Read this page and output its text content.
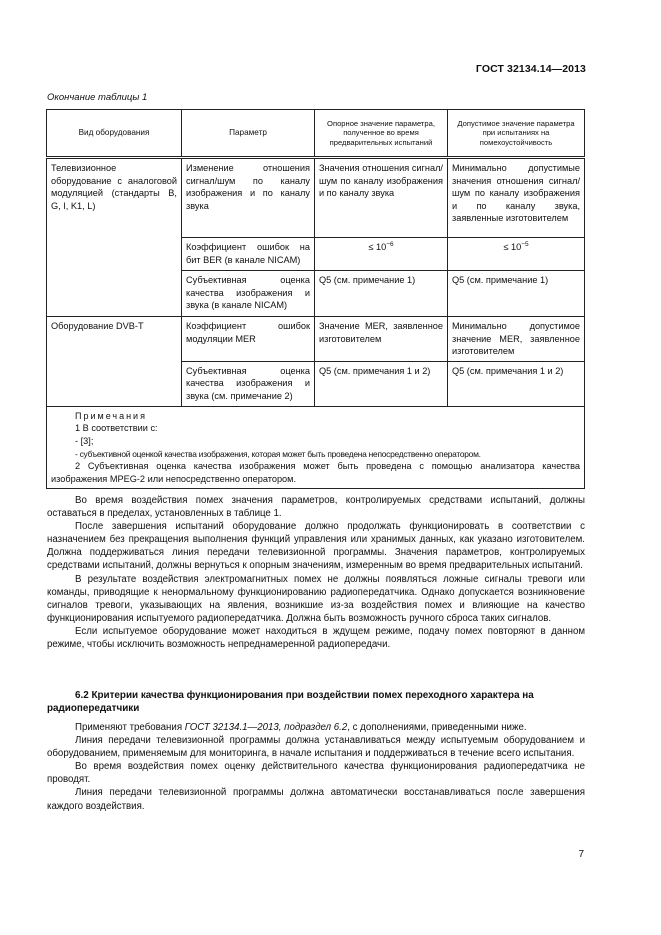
ГОСТ 32134.14—2013
Окончание таблицы 1
Вид оборудования	Параметр	Опорное значение параметра, полученное во время предварительных испытаний	Допустимое значение параметра при испытаниях на помехоустойчивость
Телевизионное оборудование с аналоговой модуляцией (стандарты B, G, I, K1, L)	Изменение отношения сигнал/шум по каналу изображения и по каналу звука	Значения отношения сигнал/шум по каналу изображения и по каналу звука	Минимально допустимые значения отношения сигнал/шум по каналу изображения и по каналу звука, заявленные изготовителем
	Коэффициент ошибок на бит BER (в канале NICAM)	≤ $10^{-6}$	≤ $10^{-5}$
	Субъективная оценка качества изображения и звука (в канале NICAM)	Q5 (см. примечание 1)	Q5 (см. примечание 1)
Оборудование DVB-T	Коэффициент ошибок модуляции MER	Значение MER, заявленное изготовителем	Минимально допустимое значение MER, заявленное изготовителем
	Субъективная оценка качества изображения и звука (см. примечание 2)	Q5 (см. примечания 1 и 2)	Q5 (см. примечания 1 и 2)

Примечания
1 В соответствии с:
- [3];
- субъективной оценкой качества изображения, которая может быть проведена непосредственно оператором.
2 Субъективная оценка качества изображения может быть проведена с помощью анализатора качества изображения MPEG-2 или непосредственно оператором.			

Во время воздействия помех значения параметров, контролируемых средствами испытаний, должны оставаться в пределах, установленных в таблице 1.

После завершения испытаний оборудование должно продолжать функционировать в соответствии с назначением без прекращения выполнения функций управления или хранимых данных, как указано изготовителем. Должна поддерживаться линия передачи телевизионной программы. Значения параметров, контролируемых средствами испытаний, должны вернуться к опорным значениям, измеренным во время предварительных испытаний.

В результате воздействия электромагнитных помех не должны появляться ложные сигналы тревоги или команды, приводящие к ненормальному функционированию радиопередатчика. Однако допускается возникновение сигналов тревоги, указывающих на явления, возникшие из-за воздействия помех и влияющие на качество функционирования испытуемого радиопередатчика. Должна быть возможность ручного сброса таких сигналов.

Если испытуемое оборудование может находиться в ждущем режиме, подачу помех повторяют в данном режиме, чтобы исключить возможность непреднамеренной радиопередачи.

6.2 Критерии качества функционирования при воздействии помех переходного характера на радиопередатчики

Применяют требования ГОСТ 32134.1—2013, подраздел 6.2, с дополнениями, приведенными ниже.

Линия передачи телевизионной программы должна устанавливаться между испытуемым оборудованием и оборудованием, применяемым для мониторинга, в начале испытания и поддерживаться в течение всего испытания.

Во время воздействия помех оценку действительного качества функционирования радиопередатчика не проводят.

Линия передачи телевизионной программы должна автоматически восстанавливаться после завершения каждого воздействия.

7
